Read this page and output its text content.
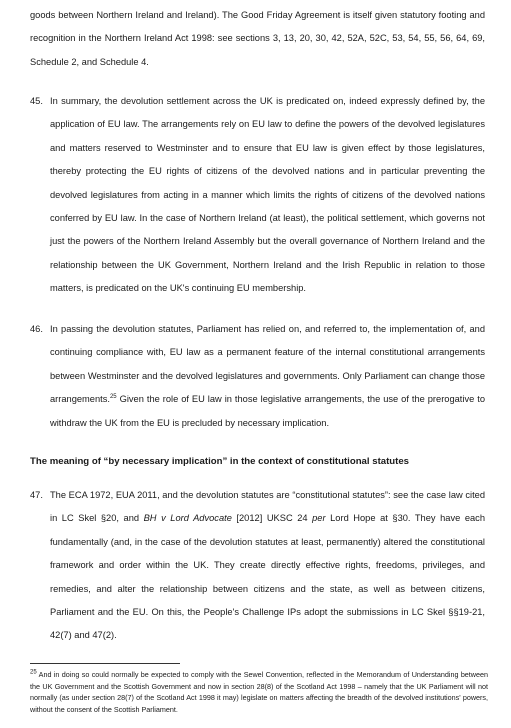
goods between Northern Ireland and Ireland). The Good Friday Agreement is itself given statutory footing and recognition in the Northern Ireland Act 1998: see sections 3, 13, 20, 30, 42, 52A, 52C, 53, 54, 55, 56, 64, 69, Schedule 2, and Schedule 4.
45. In summary, the devolution settlement across the UK is predicated on, indeed expressly defined by, the application of EU law. The arrangements rely on EU law to define the powers of the devolved legislatures and matters reserved to Westminster and to ensure that EU law is given effect by those legislatures, thereby protecting the EU rights of citizens of the devolved nations and in particular preventing the devolved legislatures from acting in a manner which limits the rights of citizens of the devolved nations conferred by EU law. In the case of Northern Ireland (at least), the political settlement, which governs not just the powers of the Northern Ireland Assembly but the overall governance of Northern Ireland and the relationship between the UK Government, Northern Ireland and the Irish Republic in relation to those matters, is predicated on the UK's continuing EU membership.
46. In passing the devolution statutes, Parliament has relied on, and referred to, the implementation of, and continuing compliance with, EU law as a permanent feature of the internal constitutional arrangements between Westminster and the devolved legislatures and governments. Only Parliament can change those arrangements.$^{25}$ Given the role of EU law in those legislative arrangements, the use of the prerogative to withdraw the UK from the EU is precluded by necessary implication.
The meaning of “by necessary implication” in the context of constitutional statutes
47. The ECA 1972, EUA 2011, and the devolution statutes are “constitutional statutes”: see the case law cited in LC Skel §20, and BH v Lord Advocate [2012] UKSC 24 per Lord Hope at §30. They have each fundamentally (and, in the case of the devolution statutes at least, permanently) altered the constitutional framework and order within the UK. They create directly effective rights, freedoms, privileges, and remedies, and alter the relationship between citizens and the state, as well as between citizens, Parliament and the EU. On this, the People's Challenge IPs adopt the submissions in LC Skel §§19-21, 42(7) and 47(2).
$^{25}$ And in doing so could normally be expected to comply with the Sewel Convention, reflected in the Memorandum of Understanding between the UK Government and the Scottish Government and now in section 28(8) of the Scotland Act 1998 – namely that the UK Parliament will not normally (as under section 28(7) of the Scotland Act 1998 it may) legislate on matters affecting the breadth of the devolved institutions' powers, without the consent of the Scottish Parliament.
